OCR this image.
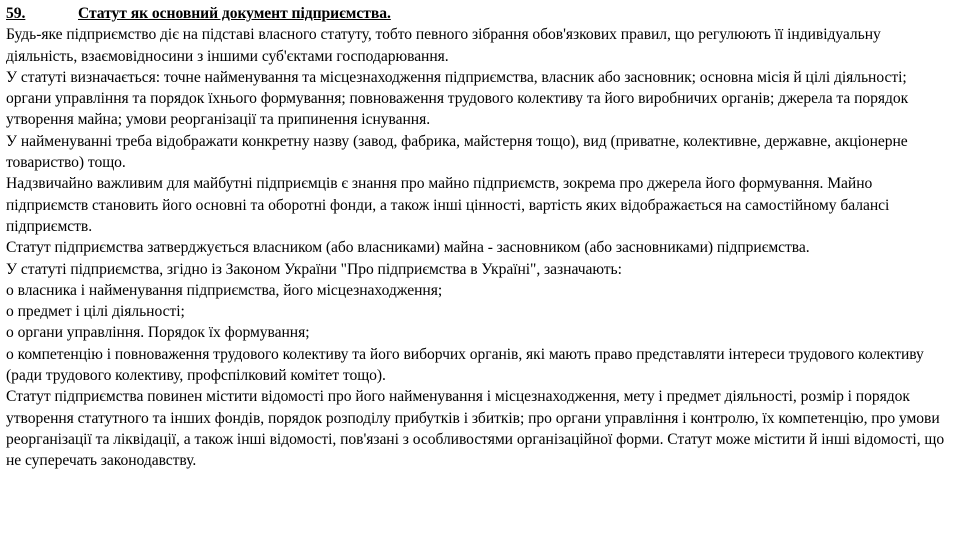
59.	Статут як основний документ підприємства.

Будь-яке підприємство діє на підставі власного статуту, тобто певного зібрання обов'язкових правил, що регулюють її індивідуальну діяльність, взаємовідносини з іншими суб'єктами господарювання.

У статуті визначається: точне найменування та місцезнаходження підприємства, власник або засновник; основна місія й цілі діяльності; органи управління та порядок їхнього формування; повноваження трудового колективу та його виробничих органів; джерела та порядок утворення майна; умови реорганізації та припинення існування.

У найменуванні треба відображати конкретну назву (завод, фабрика, майстерня тощо), вид (приватне, колективне, державне, акціонерне товариство) тощо.

Надзвичайно важливим для майбутні підприємців є знання про майно підприємств, зокрема про джерела його формування. Майно підприємств становить його основні та оборотні фонди, а також інші цінності, вартість яких відображається на самостійному балансі підприємств.

Статут підприємства затверджується власником (або власниками) майна - засновником (або засновниками) підприємства.

У статуті підприємства, згідно із Законом України "Про підприємства в Україні", зазначають:

о власника і найменування підприємства, його місцезнаходження;

о предмет і цілі діяльності;

о органи управління. Порядок їх формування;

о компетенцію і повноваження трудового колективу та його виборчих органів, які мають право представляти інтереси трудового колективу (ради трудового колективу, профспілковий комітет тощо).

Статут підприємства повинен містити відомості про його найменування і місцезнаходження, мету і предмет діяльності, розмір і порядок утворення статутного та інших фондів, порядок розподілу прибутків і збитків; про органи управління і контролю, їх компетенцію, про умови реорганізації та ліквідації, а також інші відомості, пов'язані з особливостями організаційної форми. Статут може містити й інші відомості, що не суперечать законодавству.
